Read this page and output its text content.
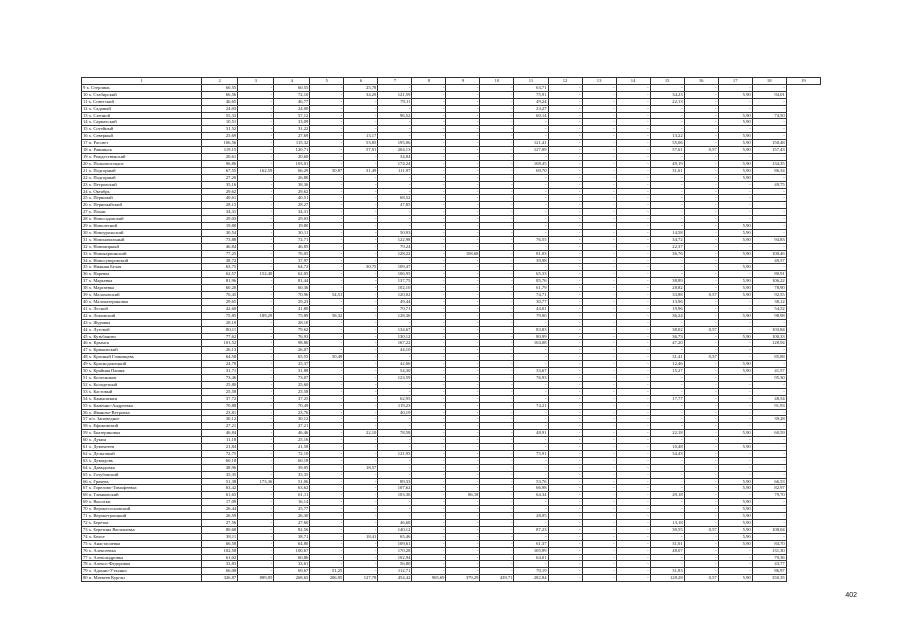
1	2	3	4	5	6	7	8	9	10	11	12	13	14	15	16	17	18	19
9 х. Стерлинь	60,55	-	60,55	-	25,78	-	-	-	-	63,71	-	-	-	-	-	-	-	
10 х. Стабирский	66,56	-	72,10	-	34,29	121,59	-	-	-	75,91	-	-	-	34,23	-	5,90	94,01	
11 х. Советский	46,65	-	46,77	-	-	79,11	-	-	-	49,24	-	-	-	22,13	-	-	-	
12 х. Садовый	24,03	-	24,00	-	-	-	-	-	-	23,27	-	-	-	-	-	-	-	
13 х. Степной	55,33	-	57,12	-	-	96,52	-	-	-	60,14	-	-	-	-	-	5,90	74,50	
14 х. Сарматский	10,51	-	33,09	-	-	-	-	-	-	-	-	-	-	-	-	5,90	-	
15 х. Сотейный	31,52	-	31,22	-	-	-	-	-	-	-	-	-	-	-	-	-	-	
16 х. Северный	25,69	-	27,69	-	13,17	-	-	-	-	-	-	-	-	13,22	-	5,90	-	
17 п. Рассвет	106,56	-	115,32	-	53,85	195,06	-	-	-	121,41	-	-	-	55,06	-	5,90	150,48	
18 п. Равнинск	119,15	-	120,71	-	57,91	204,13	-	-	-	127,09	-	-	-	57,61	0,57	5,90	157,43	
19 х. Рождественский	20,61	-	20,60	-	-	34,84	-	-	-	-	-	-	-	-	-	-	-	
20 х. Полнопотоцкое	96,86	-	103,01	-	-	174,24	-	-	-	108,45	-	-	-	49,19	-	5,90	134,35	
21 х. Подгорный	67,55	162,59	66,29	50,87	31,49	111,97	-	-	-	69,70	-	-	-	31,61	-	5,90	86,34	
22 х. Подгорный	27,20	-	26,80	-	-	-	-	-	-	-	-	-	-	-	-	5,90	-	
23 х. Петровский	35,16	-	38,36	-	-	-	-	-	-	-	-	-	-	-	-	-	49,75	
24 х. Октябрь	29,62	-	29,62	-	-	-	-	-	-	-	-	-	-	-	-	-	-	
25 х. Первомай	40,61	-	40,51	-	-	68,52	-	-	-	-	-	-	-	-	-	-	-	
26 х. Первомайский	28,15	-	28,27	-	-	47,85	-	-	-	-	-	-	-	-	-	-	-	
27 х. Пахан	34,31	-	34,31	-	-	-	-	-	-	-	-	-	-	-	-	-	-	
28 х. Новосадовский	29,03	-	29,03	-	-	-	-	-	-	-	-	-	-	-	-	-	-	
29 х. Новолетний	19,80	-	19,80	-	-	-	-	-	-	-	-	-	-	-	-	5,90	-	
30 х. Новоуральский	30,54	-	30,11	-	-	50,93	-	-	-	-	-	-	-	14,58	-	5,90	-	
31 х. Новоначальный	73,88	-	72,71	-	-	122,98	-	-	-	76,55	-	-	-	34,72	-	5,90	94,83	
32 х. Новомирный	46,84	-	46,85	-	-	79,24	-	-	-	-	-	-	-	22,37	-	-	-	
33 х. Новокарпинский	77,25	-	76,05	-	-	128,22	-	108,68	-	81,03	-	-	-	36,76	-	5,90	100,46	
34 х. Новосуворовский	38,72	-	37,97	-	-	-	-	-	-	39,98	-	-	-	-	-	-	49,57	
35 х. Нижняя Белая	63,75	-	64,72	-	30,75	109,47	-	-	-	-	-	-	-	-	-	5,90	-	
36 х. Наревка	62,57	152,40	62,05	-	-	106,95	-	-	-	65,33	-	-	-	-	-	-	80,91	
37 х. Марьевка	81,96	-	81,44	-	-	137,75	-	-	-	85,76	-	-	-	38,89	-	5,90	106,22	
38 х. Маргаевка	60,20	-	60,36	-	-	102,10	-	-	-	61,79	-	-	-	28,82	-	5,90	78,90	
39 х. Малаховский	70,45	-	70,96	54,51	-	120,02	-	-	-	74,71	-	-	-	33,88	0,57	5,90	92,55	
40 х. Малокатериновка	29,65	-	29,23	-	-	49,44	-	-	-	30,77	-	-	-	13,96	-	-	38,12	
41 х. Лесной	42,60	-	41,80	-	-	70,71	-	-	-	44,01	-	-	-	19,96	-	-	54,52	
42 п. Ломовский	75,85	189,29	75,89	58,32	-	128,36	-	-	-	79,90	-	-	-	36,24	-	5,90	98,98	
43 х. Журавка	28,10	-	28,10	-	-	-	-	-	-	-	-	-	-	-	-	-	-	
44 х. Луговой	80,11	-	79,62	-	-	134,67	-	-	-	83,83	-	-	-	38,02	0,57	-	103,84	
45 х. Кузьбаново	77,62	-	76,93	-	-	130,12	-	-	-	80,99	-	-	-	36,73	-	5,90	100,33	
46 п. Крымск	101,52	-	98,86	-	-	167,22	-	-	-	104,08	-	-	-	47,20	-	-	128,94	
47 х. Крюковский	26,13	-	26,07	-	-	44,10	-	-	-	-	-	-	-	-	-	-	-	
48 х. Красный Глинищевъ	64,58	-	65,55	50,49	-	-	-	-	-	-	-	-	-	31,41	0,57	-	85,88	
49 х. Краснодонецкий	24,78	-	25,37	-	-	42,66	-	-	-	-	-	-	-	12,46	-	5,90	-	
50 х. Крайняя Пашня	31,71	-	31,88	-	-	54,30	-	-	-	33,67	-	-	-	15,27	-	5,90	41,57	
51 х. Колесников	73,46	-	73,07	-	-	123,59	-	-	-	76,93	-	-	-	-	-	-	95,30	
52 х. Колодезный	25,80	-	25,60	-	-	-	-	-	-	-	-	-	-	-	-	-	-	
53 х. Кастовый	25,58	-	25,58	-	-	-	-	-	-	-	-	-	-	-	-	-	-	
54 х. Камышенки	37,72	-	37,25	-	-	62,95	-	-	-	-	-	-	-	17,77	-	-	48,54	
55 х. Каменно-Андреевка	70,88	-	70,49	-	-	119,23	-	-	-	74,21	-	-	-	-	-	-	91,93	
56 х. Иваново-Ветровка	23,81	-	23,76	-	-	40,19	-	-	-	-	-	-	-	-	-	-	-	
57 п/о. Заповедное	30,12	-	30,12	-	-	-	-	-	-	-	-	-	-	-	-	-	39,28	
58 х. Ефимовский	27,21	-	27,21	-	-	-	-	-	-	-	-	-	-	-	-	-	-	
59 х. Екатериновка	46,84	-	46,46	-	22,10	78,58	-	-	-	48,91	-	-	-	22,18	-	5,90	60,59	
60 х. Дукин	11,18	-	25,16	-	-	-	-	-	-	-	-	-	-	-	-	-	-	
61 х. Дементеев	21,84	-	21,58	-	-	-	-	-	-	-	-	-	-	10,48	-	5,90	-	
62 х. Дельтовый	72,75	-	72,10	-	-	121,95	-	-	-	75,91	-	-	-	34,43	-	-	-	
63 х. Демидовъ	60,18	-	60,18	-	-	-	-	-	-	-	-	-	-	-	-	-	-	
64 х. Давыдовка	38,96	-	39,05	-	18,57	-	-	-	-	-	-	-	-	-	-	-	-	
65 х. Голубовский	35,35	-	35,35	-	-	-	-	-	-	-	-	-	-	-	-	-	-	
66 х. Грачевъ	51,38	173,36	51,06	-	-	89,33	-	-	-	53,76	-	-	-	-	-	5,90	66,53	
67 х. Горелово-Тимофеевка	63,42	-	63,62	-	-	107,62	-	-	-	66,98	-	-	-	-	-	5,90	82,97	
68 п. Глинковский	61,65	-	61,11	-	-	103,36	-	86,18	-	64,34	-	-	-	29,18	-	-	79,70	
69 х. Высотки	17,09	-	16,14	-	-	-	-	-	-	-	-	-	-	-	-	5,90	-	
70 х. Верхнесосновский	26,44	-	25,77	-	-	-	-	-	-	-	-	-	-	-	-	5,90	-	
71 х. Верхнетроицкий	26,59	-	26,30	-	-	-	-	-	-	28,05	-	-	-	-	-	5,90	-	
72 х. Березка	27,56	-	27,60	-	-	46,68	-	-	-	-	-	-	-	13,18	-	5,90	-	
73 х. Березина Васильевка	80,68	-	82,56	-	-	140,12	-	-	-	87,23	-	-	-	39,55	0,57	5,90	108,04	
74 х. Белое	38,11	-	38,71	-	18,41	65,46	-	-	-	-	-	-	-	-	-	5,90	-	
75 х. Анастасиевка	66,58	-	64,80	-	-	109,61	-	-	-	61,37	-	-	-	31,01	-	5,90	84,70	
76 х. Алексеевка	102,58	-	100,67	-	-	170,28	-	-	-	105,99	-	-	-	48,07	-	-	131,30	
77 х. Александровка	61,02	-	60,86	-	-	102,94	-	-	-	64,01	-	-	-	-	-	-	79,36	
78 х. Алексо-Федоровка	33,83	-	33,61	-	-	56,80	-	-	-	-	-	-	-	-	-	-	43,77	
79 х. Адонно-Утханно	66,08	-	69,67	51,25	-	112,71	-	-	-	70,19	-	-	-	31,83	-	-	86,97	
80 п. Матвеев Курган	326,87	889,85	268,65	206,95	127,78	454,42	965,69	379,29	439,71	282,84	-	-	-	128,28	0,57	5,90	350,35	
402
